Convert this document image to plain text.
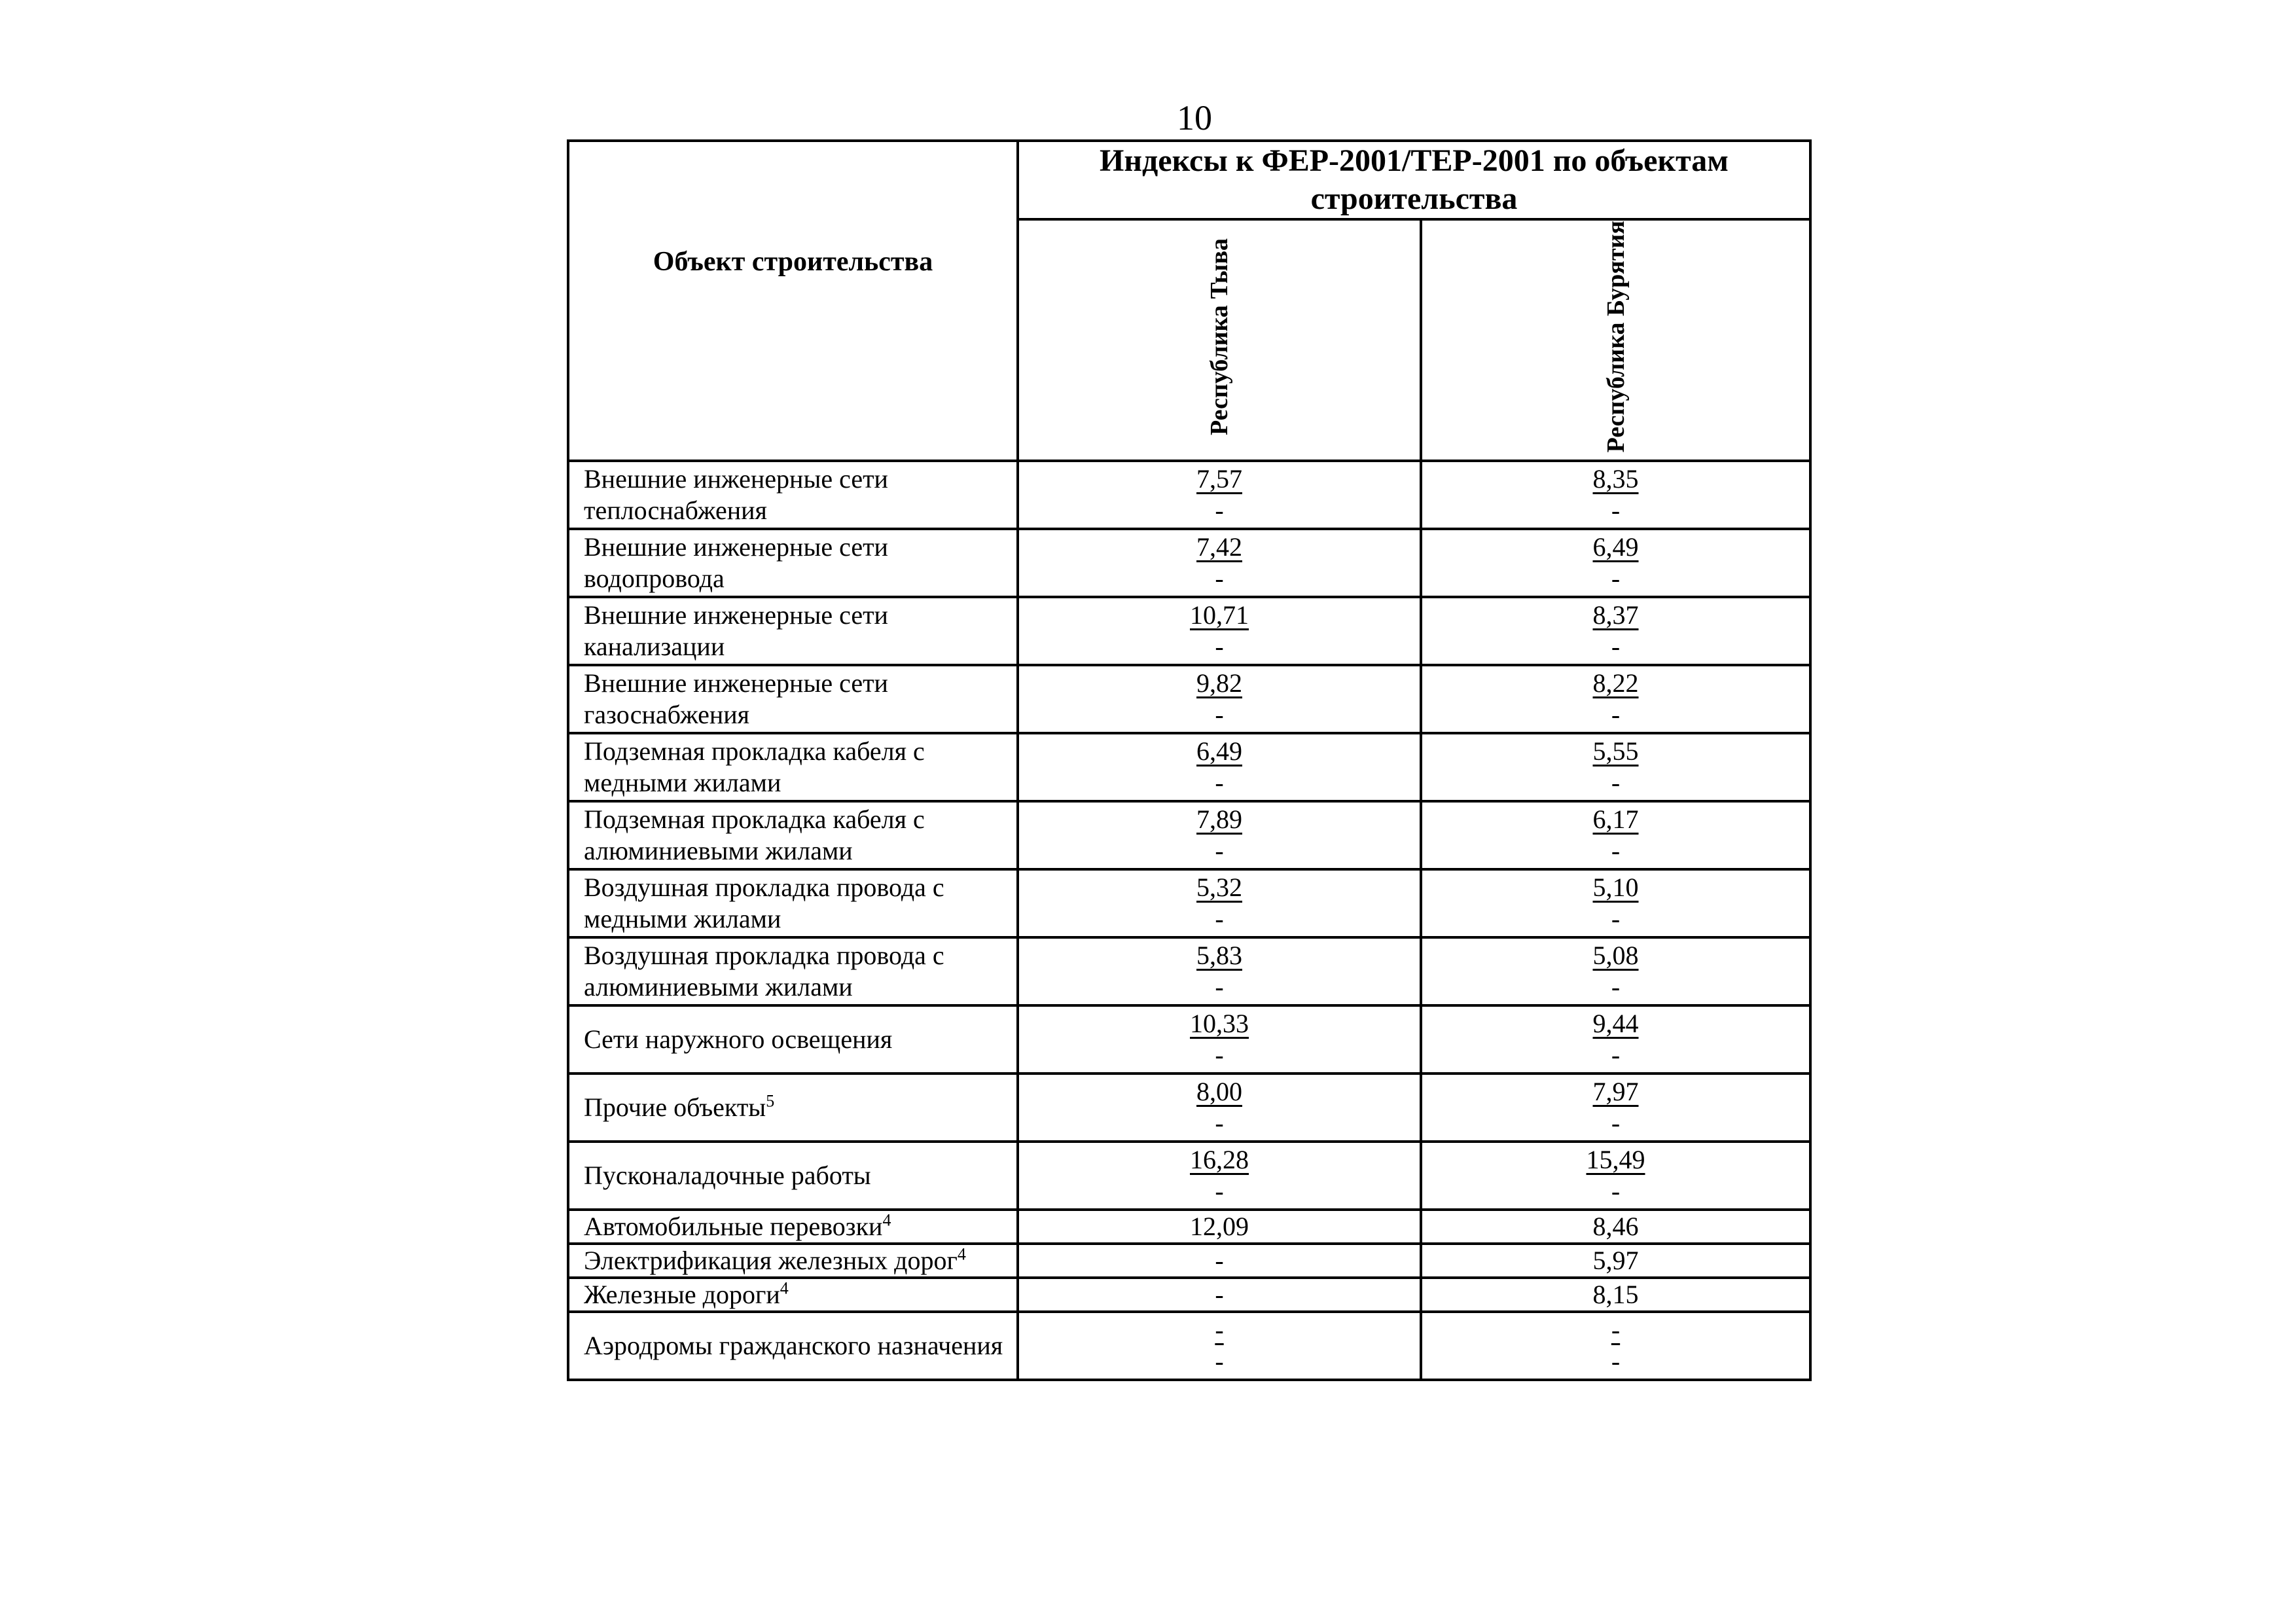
10
Объект строительства	Индексы к ФЕР-2001/ТЕР-2001 по объектам строительства	
	Республика Тыва	Республика Бурятия
Внешние инженерные сети теплоснабжения	$\frac{7,57}{-}$	$\frac{8,35}{-}$

Внешние инженерные сети водопровода	$\frac{7,42}{-}$	$\frac{6,49}{-}$

Внешние инженерные сети канализации	$\frac{10,71}{-}$	$\frac{8,37}{-}$

Внешние инженерные сети газоснабжения	$\frac{9,82}{-}$	$\frac{8,22}{-}$

Подземная прокладка кабеля с медными жилами	$\frac{6,49}{-}$	$\frac{5,55}{-}$

Подземная прокладка кабеля с алюминиевыми жилами	$\frac{7,89}{-}$	$\frac{6,17}{-}$

Воздушная прокладка провода с медными жилами	$\frac{5,32}{-}$	$\frac{5,10}{-}$

Воздушная прокладка провода с алюминиевыми жилами	$\frac{5,83}{-}$	$\frac{5,08}{-}$

Сети наружного освещения	$\frac{10,33}{-}$	$\frac{9,44}{-}$

Прочие объекты$^5$	$\frac{8,00}{-}$	$\frac{7,97}{-}$

Пусконаладочные работы	$\frac{16,28}{-}$	$\frac{15,49}{-}$

Автомобильные перевозки$^4$	12,09	8,46
Электрификация железных дорог$^4$	-	5,97
Железные дороги$^4$	-	8,15
Аэродромы гражданского назначения	$\frac{-}{-}$	$\frac{-}{-}$
